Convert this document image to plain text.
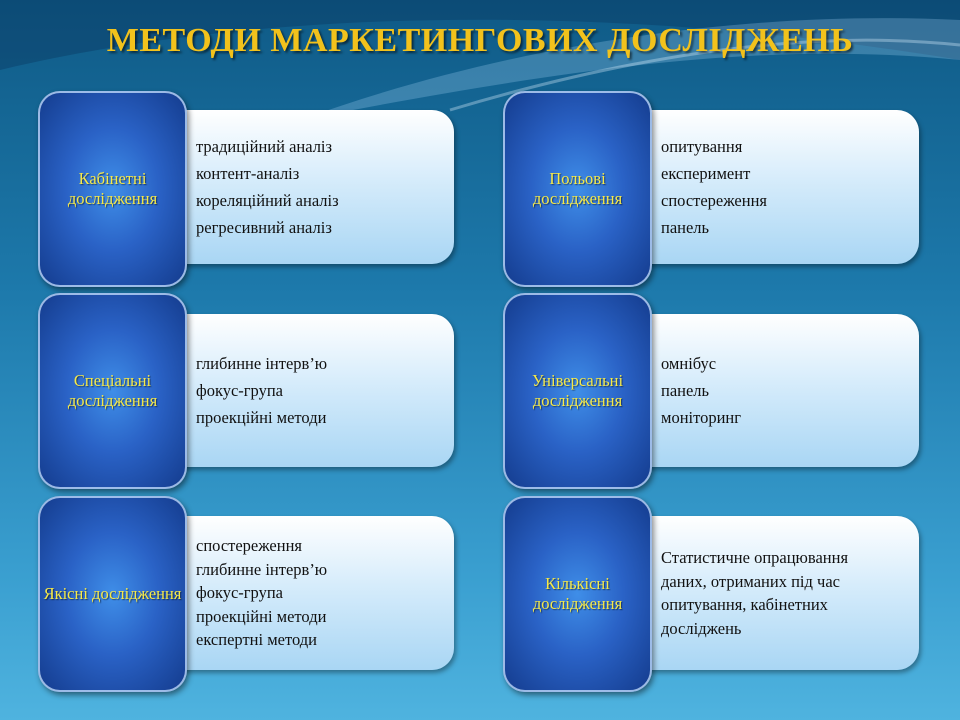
МЕТОДИ МАРКЕТИНГОВИХ ДОСЛІДЖЕНЬ
• традиційний аналіз
• контент-аналіз
• кореляційний аналіз
• регресивний аналіз
Кабінетні дослідження
• опитування
• експеримент
• спостереження
• панель
Польові дослідження
• глибинне інтерв’ю
• фокус-група
• проекційні методи
Спеціальні дослідження
• омнібус
• панель
• моніторинг
Універсальні дослідження
• спостереження
• глибинне інтерв’ю
• фокус-група
• проекційні методи
• експертні методи
Якісні дослідження
• Статистичне опрацювання даних, отриманих під час опитування, кабінетних досліджень
Кількісні дослідження
